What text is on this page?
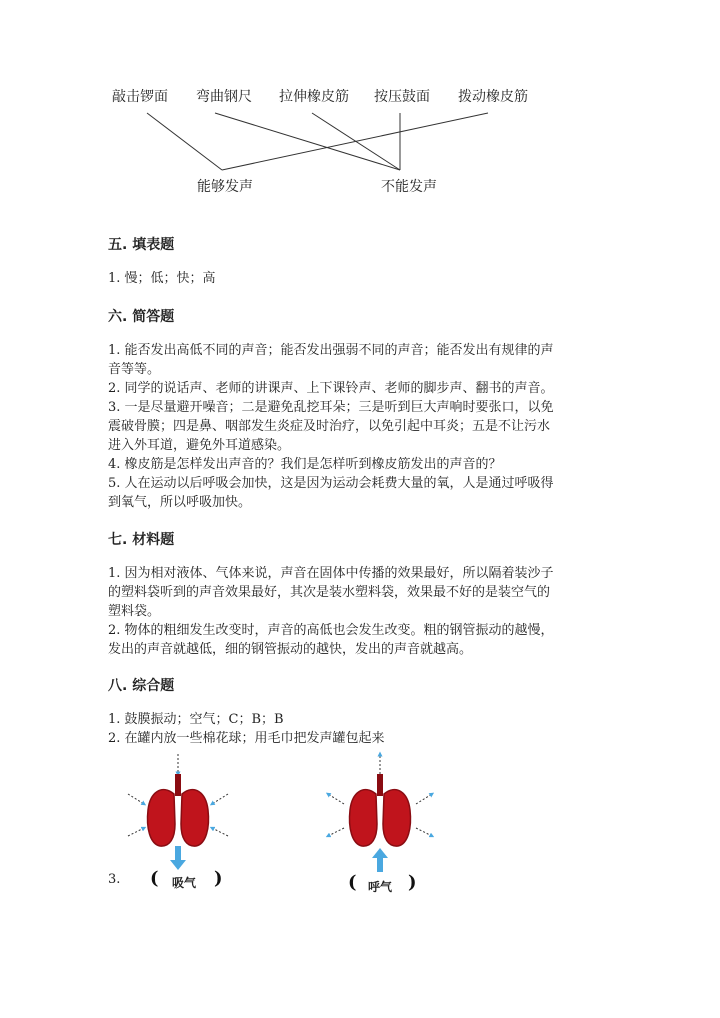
敲击锣面 弯曲钢尺 拉伸橡皮筋 按压鼓面 拨动橡皮筋
能够发声	不能发声
五. 填表题
1. 慢；低；快；高
六. 简答题
1. 能否发出高低不同的声音；能否发出强弱不同的声音；能否发出有规律的声
音等等。
2. 同学的说话声、老师的讲课声、上下课铃声、老师的脚步声、翻书的声音。
3. 一是尽量避开噪音；二是避免乱挖耳朵；三是听到巨大声响时要张口，以免
震破骨膜；四是鼻、咽部发生炎症及时治疗，以免引起中耳炎；五是不让污水
进入外耳道，避免外耳道感染。
4. 橡皮筋是怎样发出声音的？我们是怎样听到橡皮筋发出的声音的？
5. 人在运动以后呼吸会加快，这是因为运动会耗费大量的氧，人是通过呼吸得
到氧气，所以呼吸加快。
七. 材料题
1. 因为相对液体、气体来说，声音在固体中传播的效果最好，所以隔着装沙子
的塑料袋听到的声音效果最好，其次是装水塑料袋，效果最不好的是装空气的
塑料袋。
2. 物体的粗细发生改变时，声音的高低也会发生改变。粗的钢管振动的越慢，
发出的声音就越低，细的钢管振动的越快，发出的声音就越高。
八. 综合题
1. 鼓膜振动；空气；C；B；B
2. 在罐内放一些棉花球；用毛巾把发声罐包起来
3. ( 吸气 )	( 呼气 )
